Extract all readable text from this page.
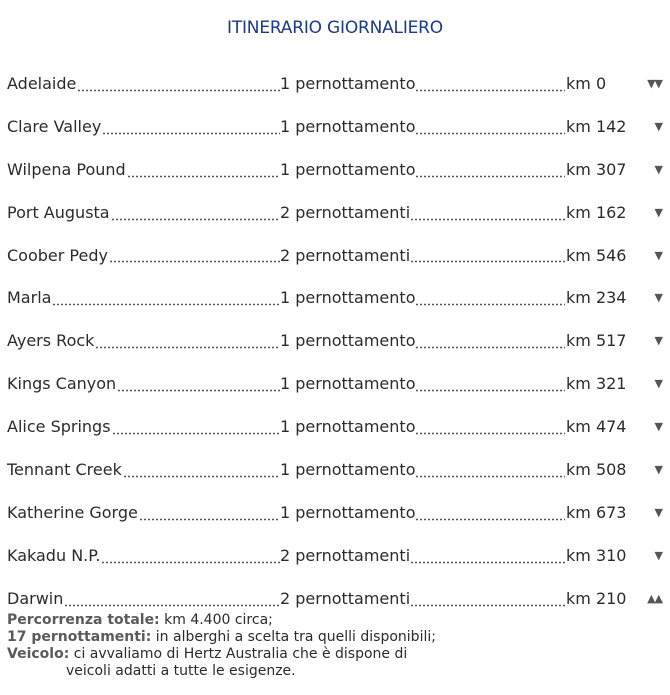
ITINERARIO GIORNALIERO
Adelaide	1 pernottamento	km 0	▼▼
Clare Valley	1 pernottamento	km 142	▼
Wilpena Pound	1 pernottamento	km 307	▼
Port Augusta	2 pernottamenti	km 162	▼
Coober Pedy	2 pernottamenti	km 546	▼
Marla	1 pernottamento	km 234	▼
Ayers Rock	1 pernottamento	km 517	▼
Kings Canyon	1 pernottamento	km 321	▼
Alice Springs	1 pernottamento	km 474	▼
Tennant Creek	1 pernottamento	km 508	▼
Katherine Gorge	1 pernottamento	km 673	▼
Kakadu N.P.	2 pernottamenti	km 310	▼
Darwin	2 pernottamenti	km 210	▲▲
Percorrenza totale: km 4.400 circa;
17 pernottamenti: in alberghi a scelta tra quelli disponibili;
Veicolo: ci avvaliamo di Hertz Australia che è dispone di
veicoli adatti a tutte le esigenze.
